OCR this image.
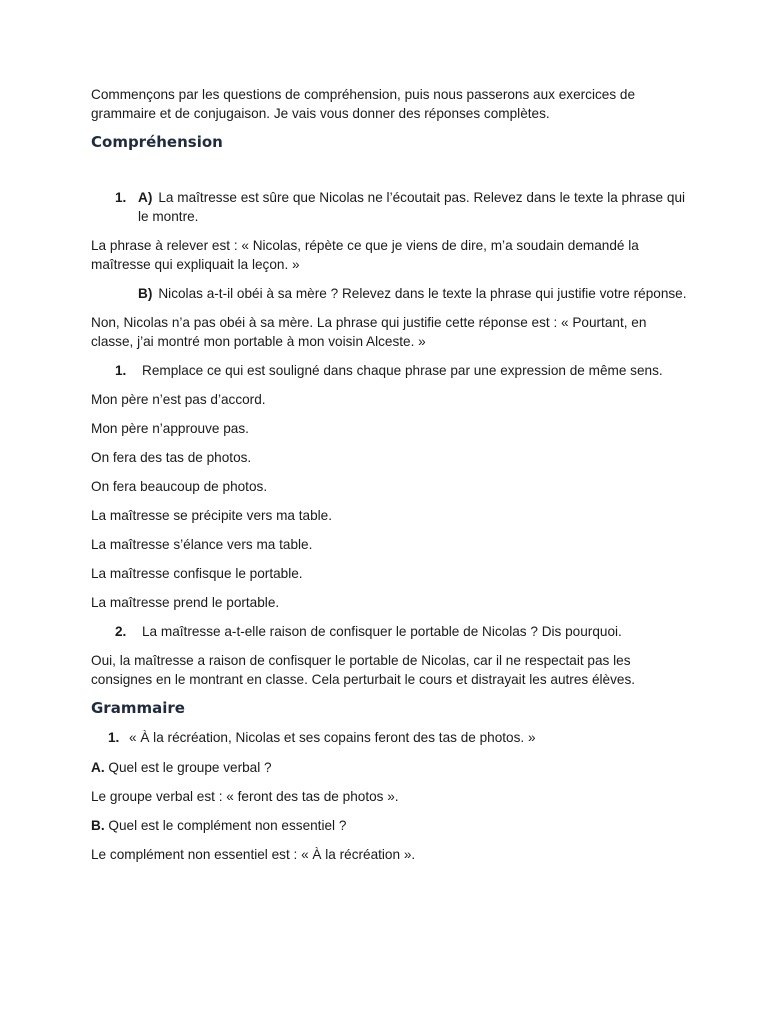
Commençons par les questions de compréhension, puis nous passerons aux exercices de grammaire et de conjugaison. Je vais vous donner des réponses complètes.

Compréhension
1. A) La maîtresse est sûre que Nicolas ne l’écoutait pas. Relevez dans le texte la phrase qui le montre.

La phrase à relever est : « Nicolas, répète ce que je viens de dire, m’a soudain demandé la maîtresse qui expliquait la leçon. »

B) Nicolas a-t-il obéi à sa mère ? Relevez dans le texte la phrase qui justifie votre réponse.

Non, Nicolas n’a pas obéi à sa mère. La phrase qui justifie cette réponse est : « Pourtant, en classe, j’ai montré mon portable à mon voisin Alceste. »

1. Remplace ce qui est souligné dans chaque phrase par une expression de même sens.

Mon père n’est pas d’accord.

Mon père n’approuve pas.

On fera des tas de photos.

On fera beaucoup de photos.

La maîtresse se précipite vers ma table.

La maîtresse s’élance vers ma table.

La maîtresse confisque le portable.

La maîtresse prend le portable.

2. La maîtresse a-t-elle raison de confisquer le portable de Nicolas ? Dis pourquoi.

Oui, la maîtresse a raison de confisquer le portable de Nicolas, car il ne respectait pas les consignes en le montrant en classe. Cela perturbait le cours et distrayait les autres élèves.

Grammaire
1. « À la récréation, Nicolas et ses copains feront des tas de photos. »

A. Quel est le groupe verbal ?

Le groupe verbal est : « feront des tas de photos ».

B. Quel est le complément non essentiel ?

Le complément non essentiel est : « À la récréation ».
